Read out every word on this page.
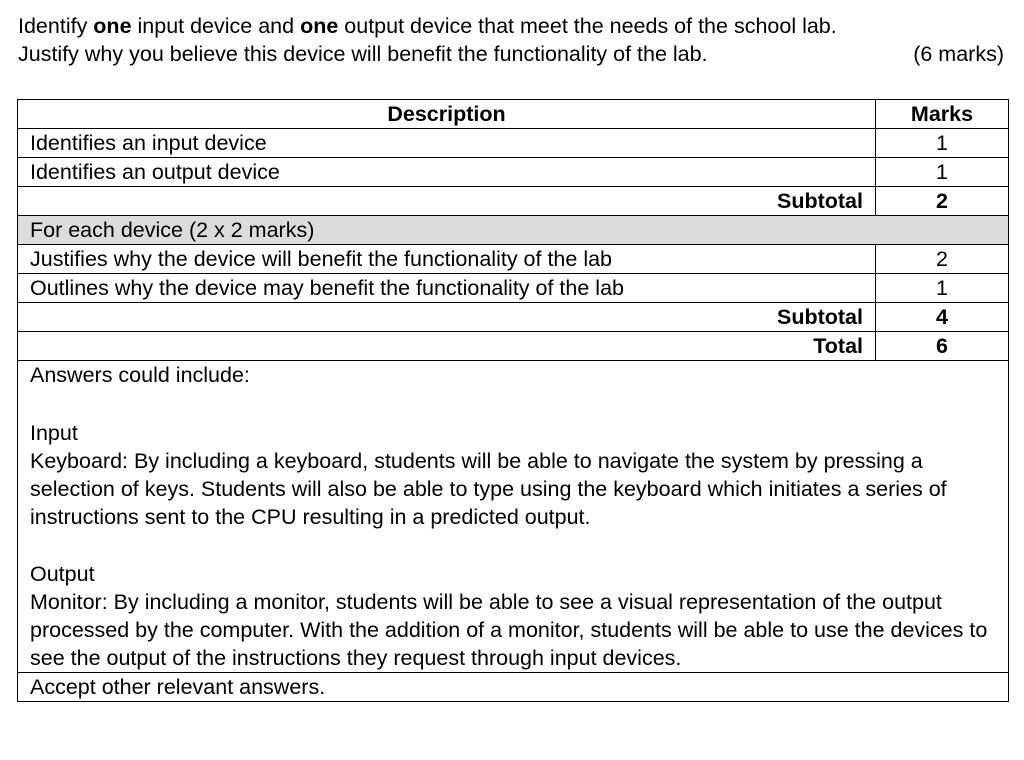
Identify one input device and one output device that meet the needs of the school lab.
Justify why you believe this device will benefit the functionality of the lab.	(6 marks)
Description	Marks
Identifies an input device	1
Identifies an output device	1
Subtotal	2
For each device (2 x 2 marks)	
Justifies why the device will benefit the functionality of the lab	2
Outlines why the device may benefit the functionality of the lab	1
Subtotal	4
Total	6

Answers could include:
Input
Keyboard: By including a keyboard, students will be able to navigate the system by pressing a selection of keys. Students will also be able to type using the keyboard which initiates a series of instructions sent to the CPU resulting in a predicted output.
Output
Monitor: By including a monitor, students will be able to see a visual representation of the output processed by the computer. With the addition of a monitor, students will be able to use the devices to see the output of the instructions they request through input devices.	

Accept other relevant answers.	
